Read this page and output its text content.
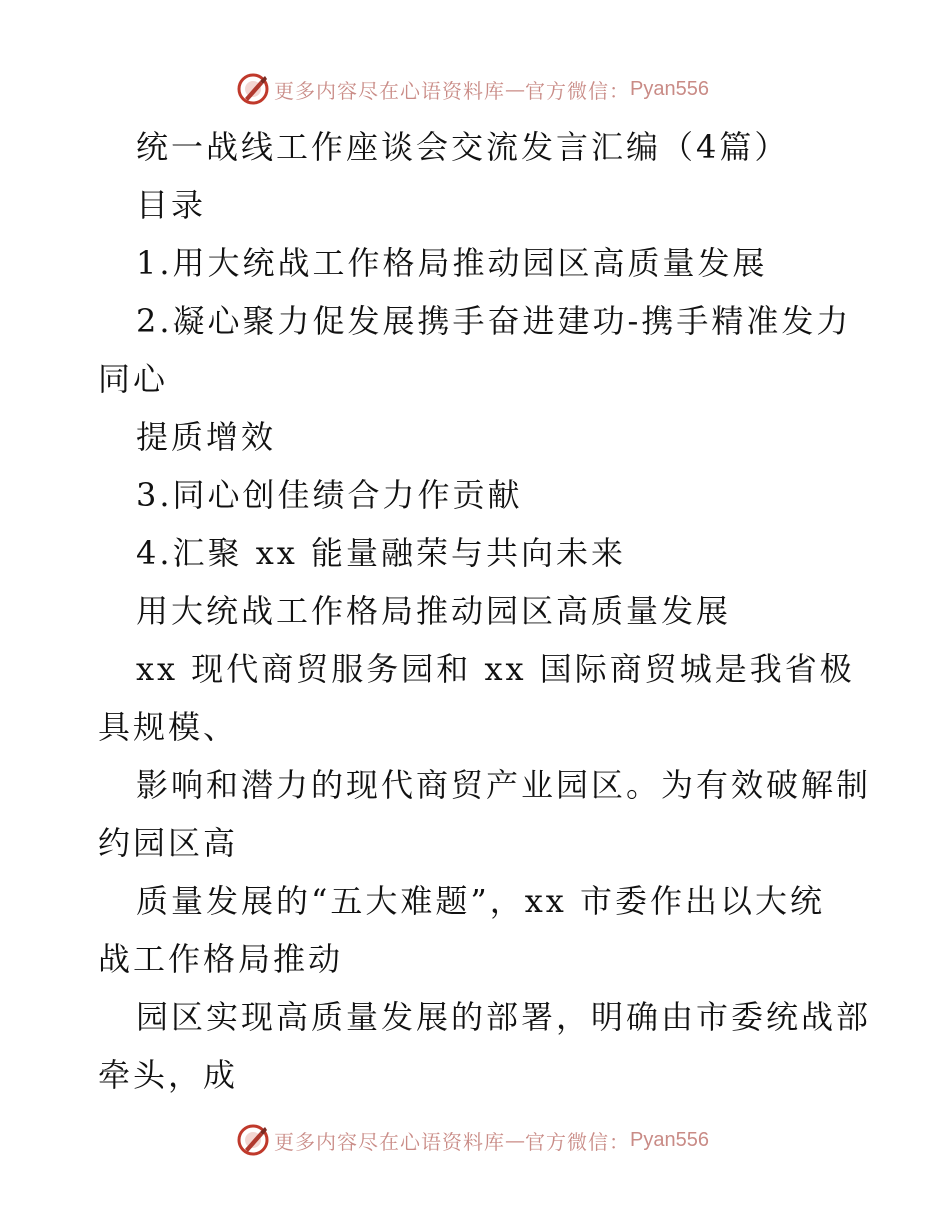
更多内容尽在心语资料库 — 官方微信： Pyan556
统一战线工作座谈会交流发言汇编（4篇）
目录
1.用大统战工作格局推动园区高质量发展
2.凝心聚力促发展携手奋进建功-携手精准发力
同心
提质增效
3.同心创佳绩合力作贡献
4.汇聚 xx 能量融荣与共向未来
用大统战工作格局推动园区高质量发展
xx 现代商贸服务园和 xx 国际商贸城是我省极
具规模、
影响和潜力的现代商贸产业园区。为有效破解制
约园区高
质量发展的“五大难题”，xx 市委作出以大统
战工作格局推动
园区实现高质量发展的部署，明确由市委统战部
牵头，成
更多内容尽在心语资料库 — 官方微信： Pyan556
